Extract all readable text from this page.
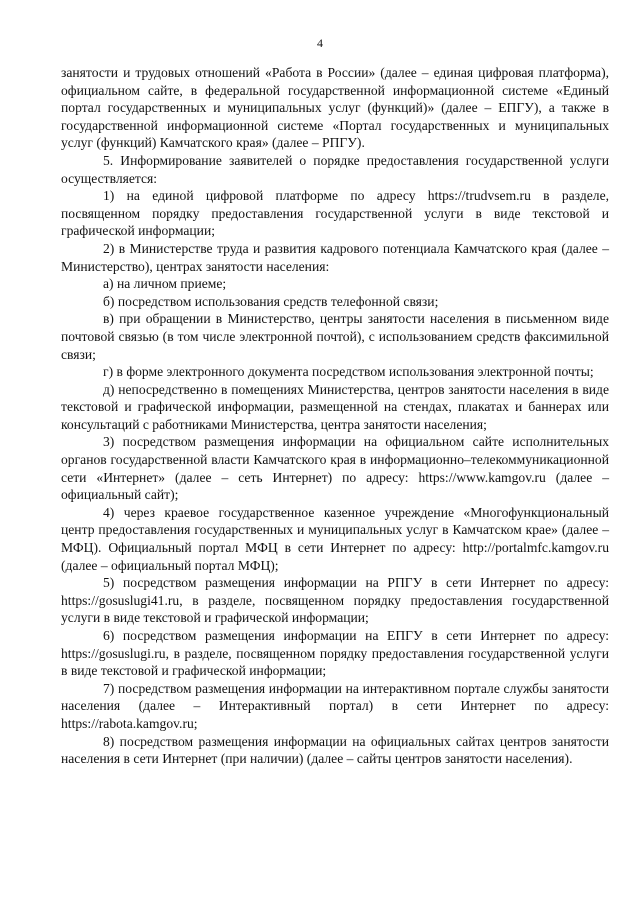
4

занятости и трудовых отношений «Работа в России» (далее – единая цифровая платформа), официальном сайте, в федеральной государственной информационной системе «Единый портал государственных и муниципальных услуг (функций)» (далее – ЕПГУ), а также в государственной информационной системе «Портал государственных и муниципальных услуг (функций) Камчатского края» (далее – РПГУ).

5. Информирование заявителей о порядке предоставления государственной услуги осуществляется:

1) на единой цифровой платформе по адресу https://trudvsem.ru в разделе, посвященном порядку предоставления государственной услуги в виде текстовой и графической информации;

2) в Министерстве труда и развития кадрового потенциала Камчатского края (далее – Министерство), центрах занятости населения:

а) на личном приеме;

б) посредством использования средств телефонной связи;

в) при обращении в Министерство, центры занятости населения в письменном виде почтовой связью (в том числе электронной почтой), с использованием средств факсимильной связи;

г) в форме электронного документа посредством использования электронной почты;

д) непосредственно в помещениях Министерства, центров занятости населения в виде текстовой и графической информации, размещенной на стендах, плакатах и баннерах или консультаций с работниками Министерства, центра занятости населения;

3) посредством размещения информации на официальном сайте исполнительных органов государственной власти Камчатского края в информационно–телекоммуникационной сети «Интернет» (далее – сеть Интернет) по адресу: https://www.kamgov.ru (далее – официальный сайт);

4) через краевое государственное казенное учреждение «Многофункциональный центр предоставления государственных и муниципальных услуг в Камчатском крае» (далее – МФЦ). Официальный портал МФЦ в сети Интернет по адресу: http://portalmfc.kamgov.ru (далее – официальный портал МФЦ);

5) посредством размещения информации на РПГУ в сети Интернет по адресу: https://gosuslugi41.ru, в разделе, посвященном порядку предоставления государственной услуги в виде текстовой и графической информации;

6) посредством размещения информации на ЕПГУ в сети Интернет по адресу: https://gosuslugi.ru, в разделе, посвященном порядку предоставления государственной услуги в виде текстовой и графической информации;

7) посредством размещения информации на интерактивном портале службы занятости населения (далее – Интерактивный портал) в сети Интернет по адресу: https://rabota.kamgov.ru;

8) посредством размещения информации на официальных сайтах центров занятости населения в сети Интернет (при наличии) (далее – сайты центров занятости населения).
